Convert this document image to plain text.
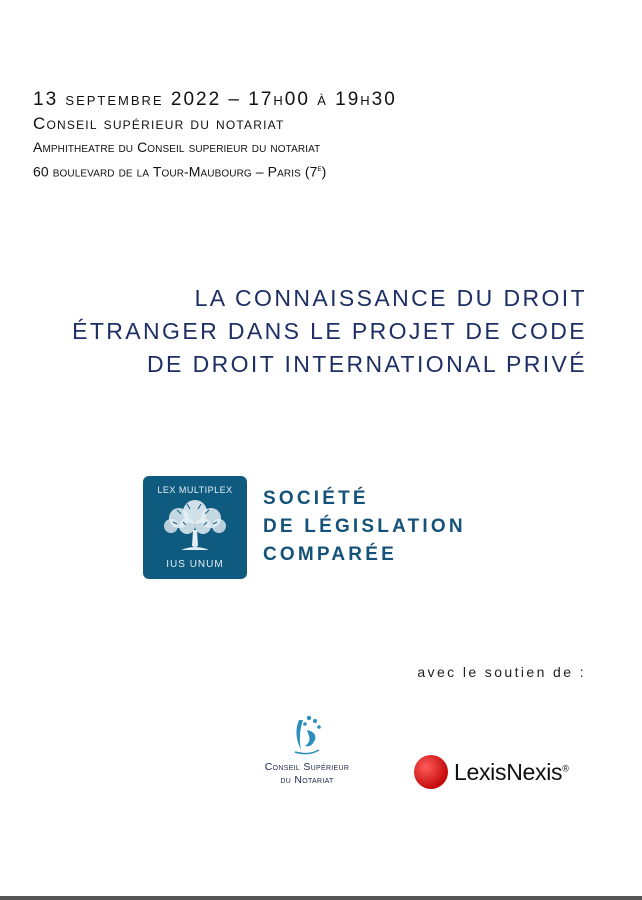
13 septembre 2022 – 17h00 à 19h30

Conseil supérieur du notariat

Amphitheatre du Conseil superieur du notariat

60 boulevard de la Tour-Maubourg – Paris (7e)

LA CONNAISSANCE DU DROIT
ÉTRANGER DANS LE PROJET DE CODE
DE DROIT INTERNATIONAL PRIVÉ
LEX MULTIPLEX
IUS UNUM
SOCIÉTÉ
DE LÉGISLATION
COMPARÉE
avec le soutien de :
Conseil Supérieur
du Notariat	LexisNexis®
